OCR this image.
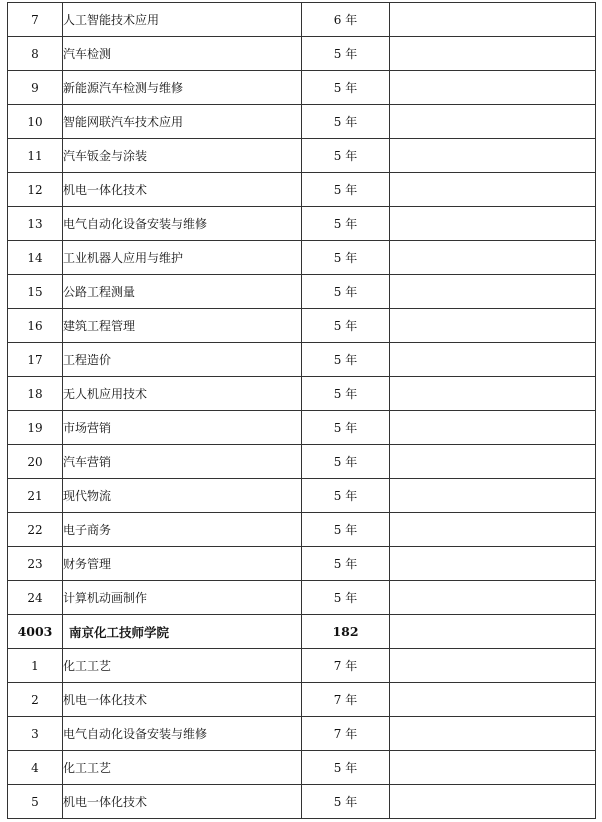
7	人工智能技术应用	6 年	
8	汽车检测	5 年	
9	新能源汽车检测与维修	5 年	
10	智能网联汽车技术应用	5 年	
11	汽车钣金与涂装	5 年	
12	机电一体化技术	5 年	
13	电气自动化设备安装与维修	5 年	
14	工业机器人应用与维护	5 年	
15	公路工程测量	5 年	
16	建筑工程管理	5 年	
17	工程造价	5 年	
18	无人机应用技术	5 年	
19	市场营销	5 年	
20	汽车营销	5 年	
21	现代物流	5 年	
22	电子商务	5 年	
23	财务管理	5 年	
24	计算机动画制作	5 年	
4003	南京化工技师学院	182	
1	化工工艺	7 年	
2	机电一体化技术	7 年	
3	电气自动化设备安装与维修	7 年	
4	化工工艺	5 年	
5	机电一体化技术	5 年	
